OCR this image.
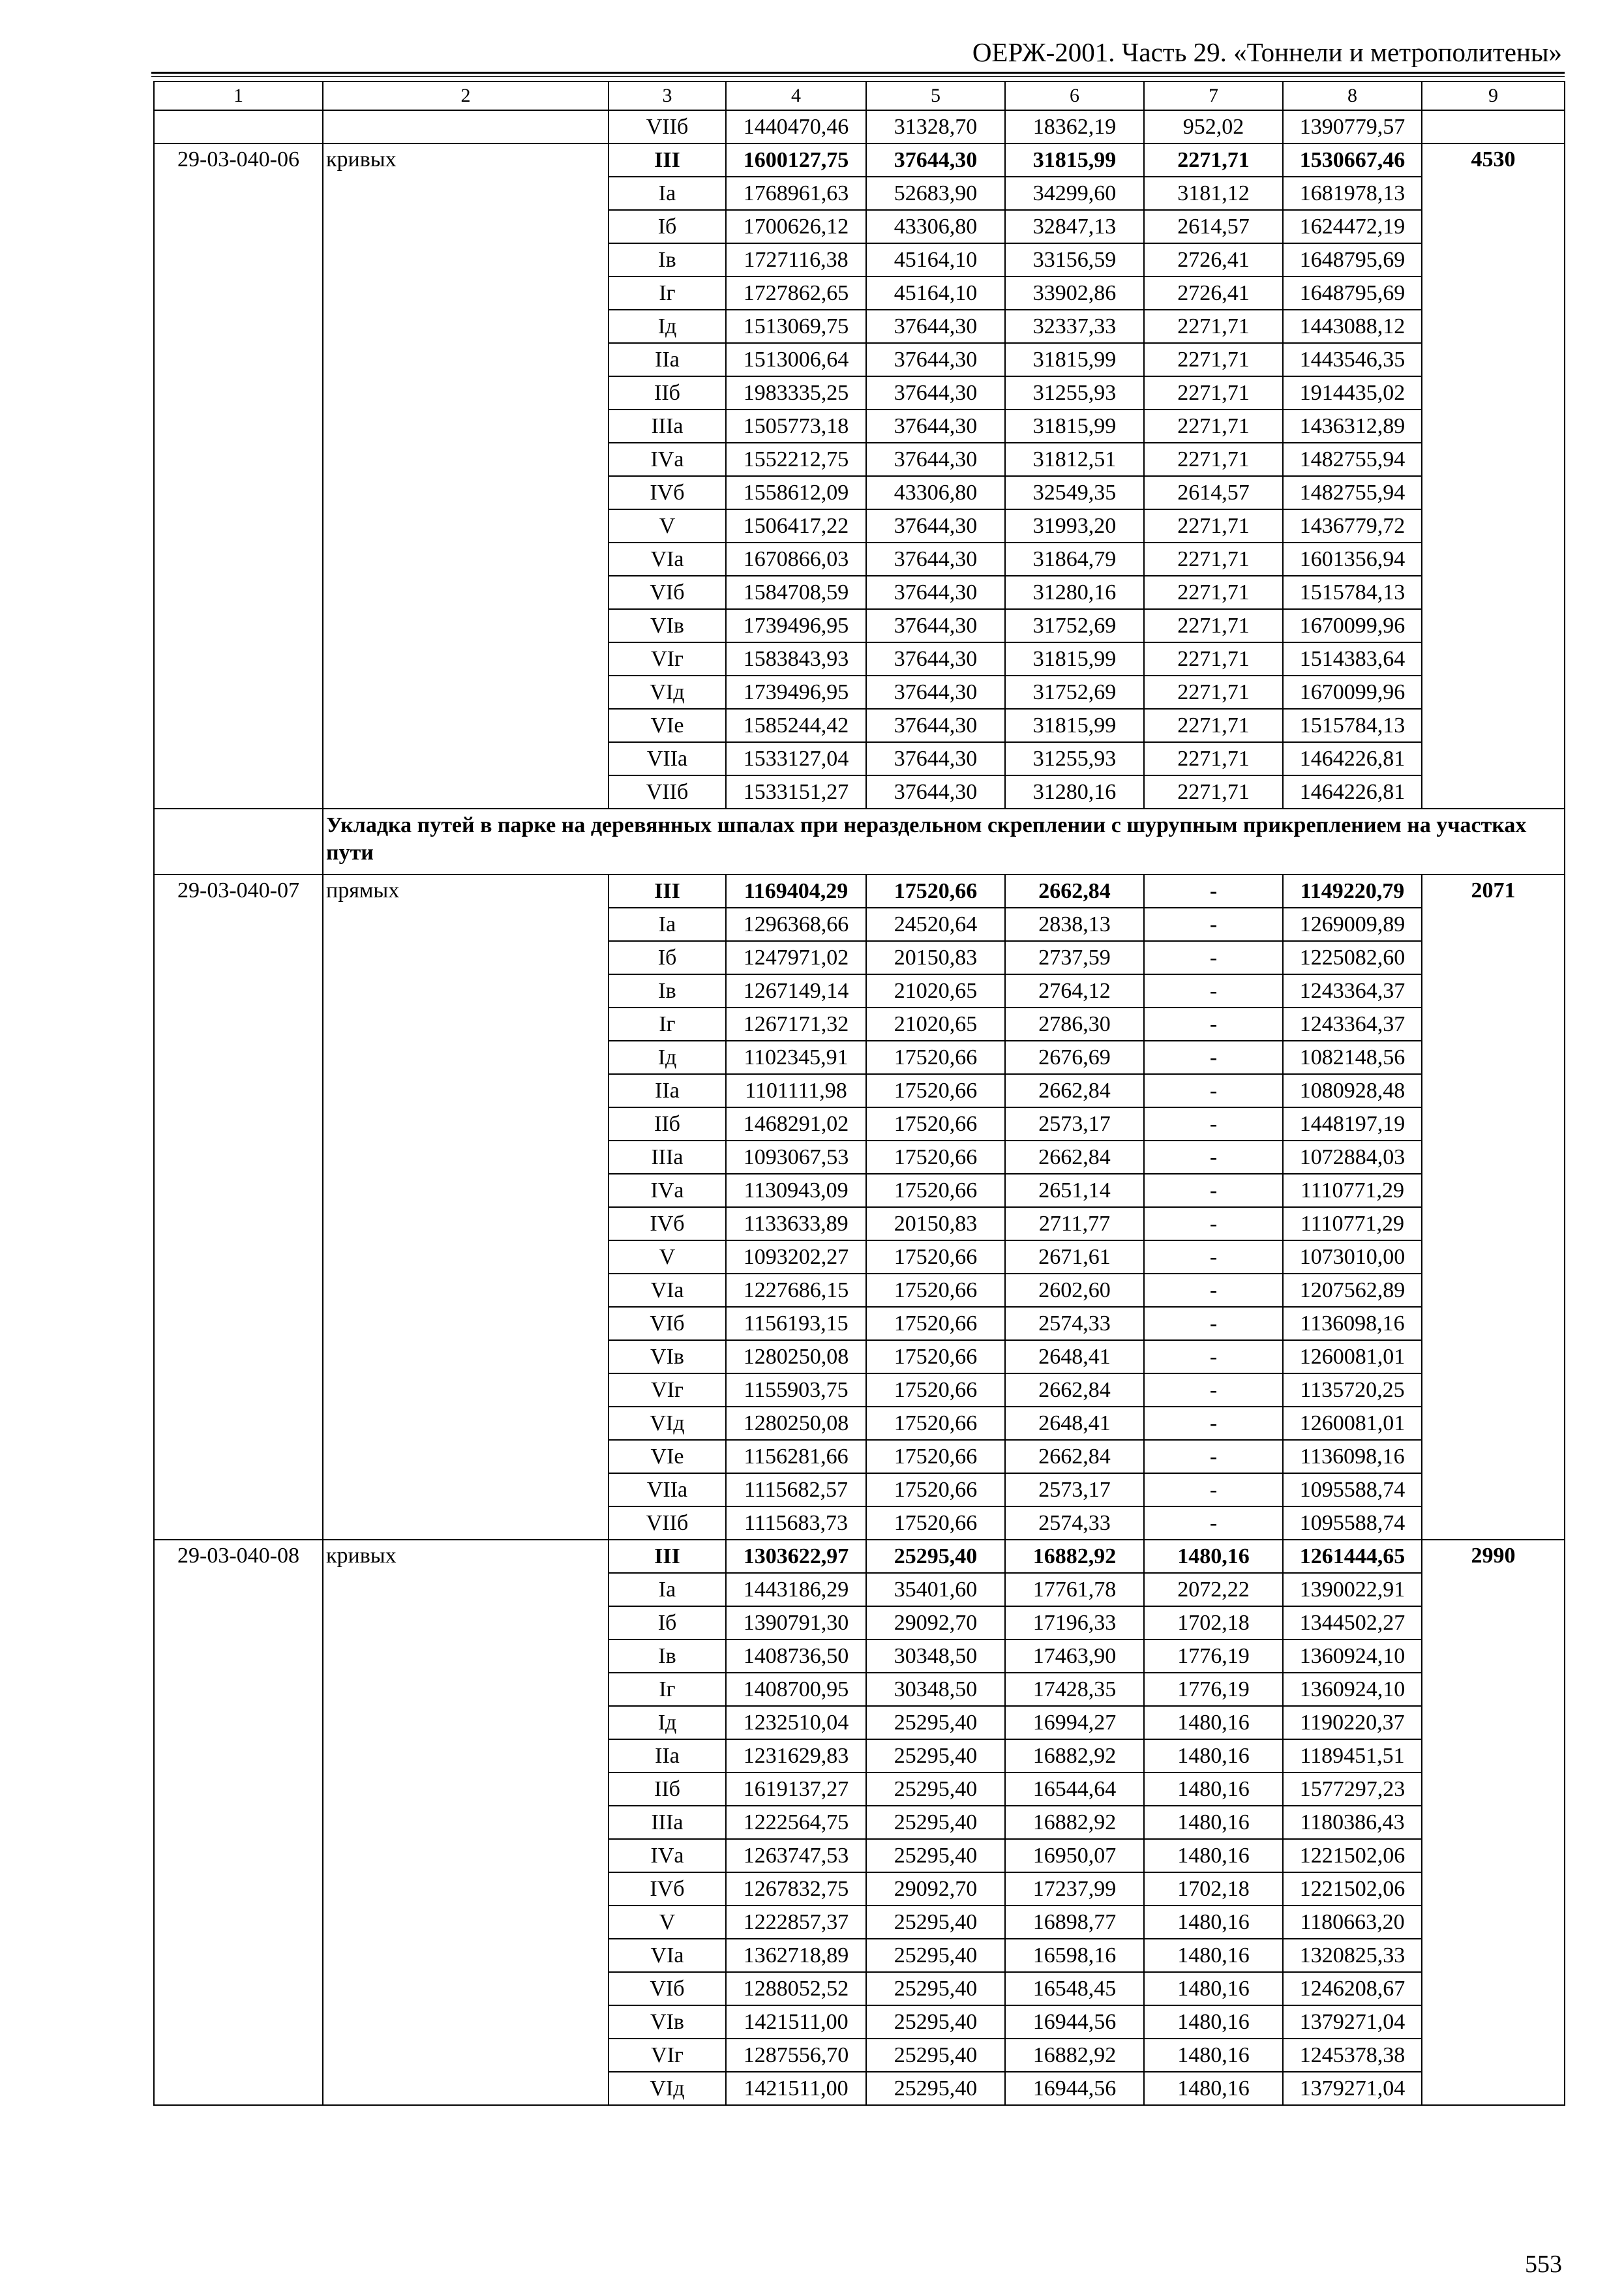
ОЕРЖ-2001. Часть 29. «Тоннели и метрополитены»
1	2	3	4	5	6	7	8	9
		VIIб	1440470,46	31328,70	18362,19	952,02	1390779,57	
29-03-040-06	кривых	III	1600127,75	37644,30	31815,99	2271,71	1530667,46	4530
		Iа	1768961,63	52683,90	34299,60	3181,12	1681978,13	
		Iб	1700626,12	43306,80	32847,13	2614,57	1624472,19	
		Iв	1727116,38	45164,10	33156,59	2726,41	1648795,69	
		Iг	1727862,65	45164,10	33902,86	2726,41	1648795,69	
		Iд	1513069,75	37644,30	32337,33	2271,71	1443088,12	
		IIа	1513006,64	37644,30	31815,99	2271,71	1443546,35	
		IIб	1983335,25	37644,30	31255,93	2271,71	1914435,02	
		IIIа	1505773,18	37644,30	31815,99	2271,71	1436312,89	
		IVа	1552212,75	37644,30	31812,51	2271,71	1482755,94	
		IVб	1558612,09	43306,80	32549,35	2614,57	1482755,94	
		V	1506417,22	37644,30	31993,20	2271,71	1436779,72	
		VIа	1670866,03	37644,30	31864,79	2271,71	1601356,94	
		VIб	1584708,59	37644,30	31280,16	2271,71	1515784,13	
		VIв	1739496,95	37644,30	31752,69	2271,71	1670099,96	
		VIг	1583843,93	37644,30	31815,99	2271,71	1514383,64	
		VIд	1739496,95	37644,30	31752,69	2271,71	1670099,96	
		VIе	1585244,42	37644,30	31815,99	2271,71	1515784,13	
		VIIа	1533127,04	37644,30	31255,93	2271,71	1464226,81	
		VIIб	1533151,27	37644,30	31280,16	2271,71	1464226,81	
	Укладка путей в парке на деревянных шпалах при нераздельном скреплении с шурупным прикреплением на участках пути							
29-03-040-07	прямых	III	1169404,29	17520,66	2662,84	-	1149220,79	2071
		Iа	1296368,66	24520,64	2838,13	-	1269009,89	
		Iб	1247971,02	20150,83	2737,59	-	1225082,60	
		Iв	1267149,14	21020,65	2764,12	-	1243364,37	
		Iг	1267171,32	21020,65	2786,30	-	1243364,37	
		Iд	1102345,91	17520,66	2676,69	-	1082148,56	
		IIа	1101111,98	17520,66	2662,84	-	1080928,48	
		IIб	1468291,02	17520,66	2573,17	-	1448197,19	
		IIIа	1093067,53	17520,66	2662,84	-	1072884,03	
		IVа	1130943,09	17520,66	2651,14	-	1110771,29	
		IVб	1133633,89	20150,83	2711,77	-	1110771,29	
		V	1093202,27	17520,66	2671,61	-	1073010,00	
		VIа	1227686,15	17520,66	2602,60	-	1207562,89	
		VIб	1156193,15	17520,66	2574,33	-	1136098,16	
		VIв	1280250,08	17520,66	2648,41	-	1260081,01	
		VIг	1155903,75	17520,66	2662,84	-	1135720,25	
		VIд	1280250,08	17520,66	2648,41	-	1260081,01	
		VIе	1156281,66	17520,66	2662,84	-	1136098,16	
		VIIа	1115682,57	17520,66	2573,17	-	1095588,74	
		VIIб	1115683,73	17520,66	2574,33	-	1095588,74	
29-03-040-08	кривых	III	1303622,97	25295,40	16882,92	1480,16	1261444,65	2990
		Iа	1443186,29	35401,60	17761,78	2072,22	1390022,91	
		Iб	1390791,30	29092,70	17196,33	1702,18	1344502,27	
		Iв	1408736,50	30348,50	17463,90	1776,19	1360924,10	
		Iг	1408700,95	30348,50	17428,35	1776,19	1360924,10	
		Iд	1232510,04	25295,40	16994,27	1480,16	1190220,37	
		IIа	1231629,83	25295,40	16882,92	1480,16	1189451,51	
		IIб	1619137,27	25295,40	16544,64	1480,16	1577297,23	
		IIIа	1222564,75	25295,40	16882,92	1480,16	1180386,43	
		IVа	1263747,53	25295,40	16950,07	1480,16	1221502,06	
		IVб	1267832,75	29092,70	17237,99	1702,18	1221502,06	
		V	1222857,37	25295,40	16898,77	1480,16	1180663,20	
		VIа	1362718,89	25295,40	16598,16	1480,16	1320825,33	
		VIб	1288052,52	25295,40	16548,45	1480,16	1246208,67	
		VIв	1421511,00	25295,40	16944,56	1480,16	1379271,04	
		VIг	1287556,70	25295,40	16882,92	1480,16	1245378,38	
		VIд	1421511,00	25295,40	16944,56	1480,16	1379271,04	
553
